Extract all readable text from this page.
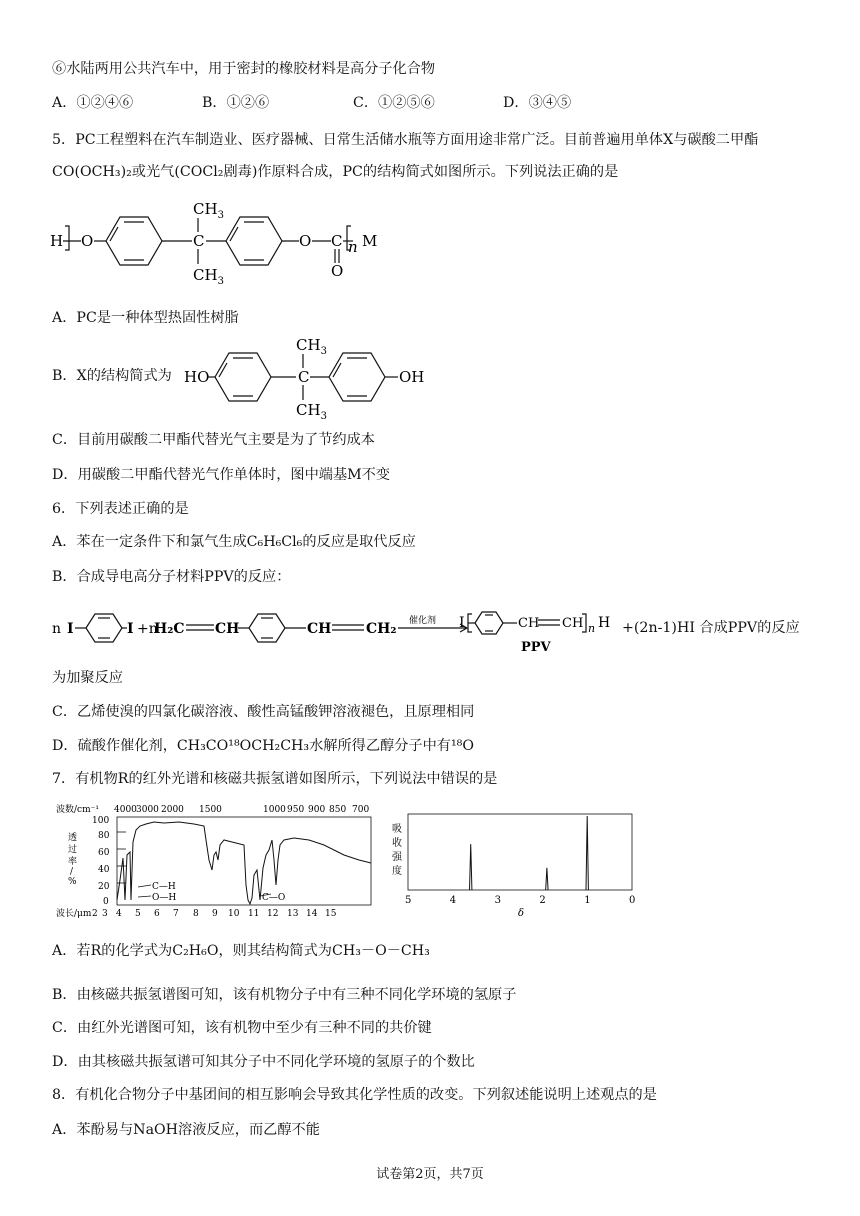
⑥水陆两用公共汽车中，用于密封的橡胶材料是高分子化合物
A．①②④⑥	B．①②⑥	C．①②⑤⑥	D．③④⑤
5．PC工程塑料在汽车制造业、医疗器械、日常生活储水瓶等方面用途非常广泛。目前普遍用单体X与碳酸二甲酯
CO(OCH₃)₂或光气(COCl₂剧毒)作原料合成，PC的结构简式如图所示。下列说法正确的是
H O
$CH_3$
C
$CH_3$
O C
O
n M
A．PC是一种体型热固性树脂
B．X的结构简式为 HO
$CH_3$
C
$CH_3$
OH
C．目前用碳酸二甲酯代替光气主要是为了节约成本
D．用碳酸二甲酯代替光气作单体时，图中端基M不变
6．下列表述正确的是
A．苯在一定条件下和氯气生成C₆H₆Cl₆的反应是取代反应
B．合成导电高分子材料PPV的反应：
n I	I +n
H₂C CH	CH CH₂	I	CH CH n H
PPV
催化剂	+(2n-1)HI 合成PPV的反应
为加聚反应
C．乙烯使溴的四氯化碳溶液、酸性高锰酸钾溶液褪色，且原理相同
D．硫酸作催化剂，CH₃CO¹⁸OCH₂CH₃水解所得乙醇分子中有¹⁸O
7．有机物R的红外光谱和核磁共振氢谱如图所示，下列说法中错误的是
波数/cm⁻¹ 4000 3000 2000 1500	1000 950 900 850 700
100
80
60
40
20
0
透
过
率
/
%
波长/μm 2 3 4 5 6 7 8 9 10 11 12 13 14 15
C—H
O—H	C—O
吸
收
强
度
5	4	3	2	1	0
δ
A．若R的化学式为C₂H₆O，则其结构简式为CH₃－O－CH₃
B．由核磁共振氢谱图可知，该有机物分子中有三种不同化学环境的氢原子
C．由红外光谱图可知，该有机物中至少有三种不同的共价键
D．由其核磁共振氢谱可知其分子中不同化学环境的氢原子的个数比
8．有机化合物分子中基团间的相互影响会导致其化学性质的改变。下列叙述能说明上述观点的是
A．苯酚易与NaOH溶液反应，而乙醇不能
试卷第2页，共7页
